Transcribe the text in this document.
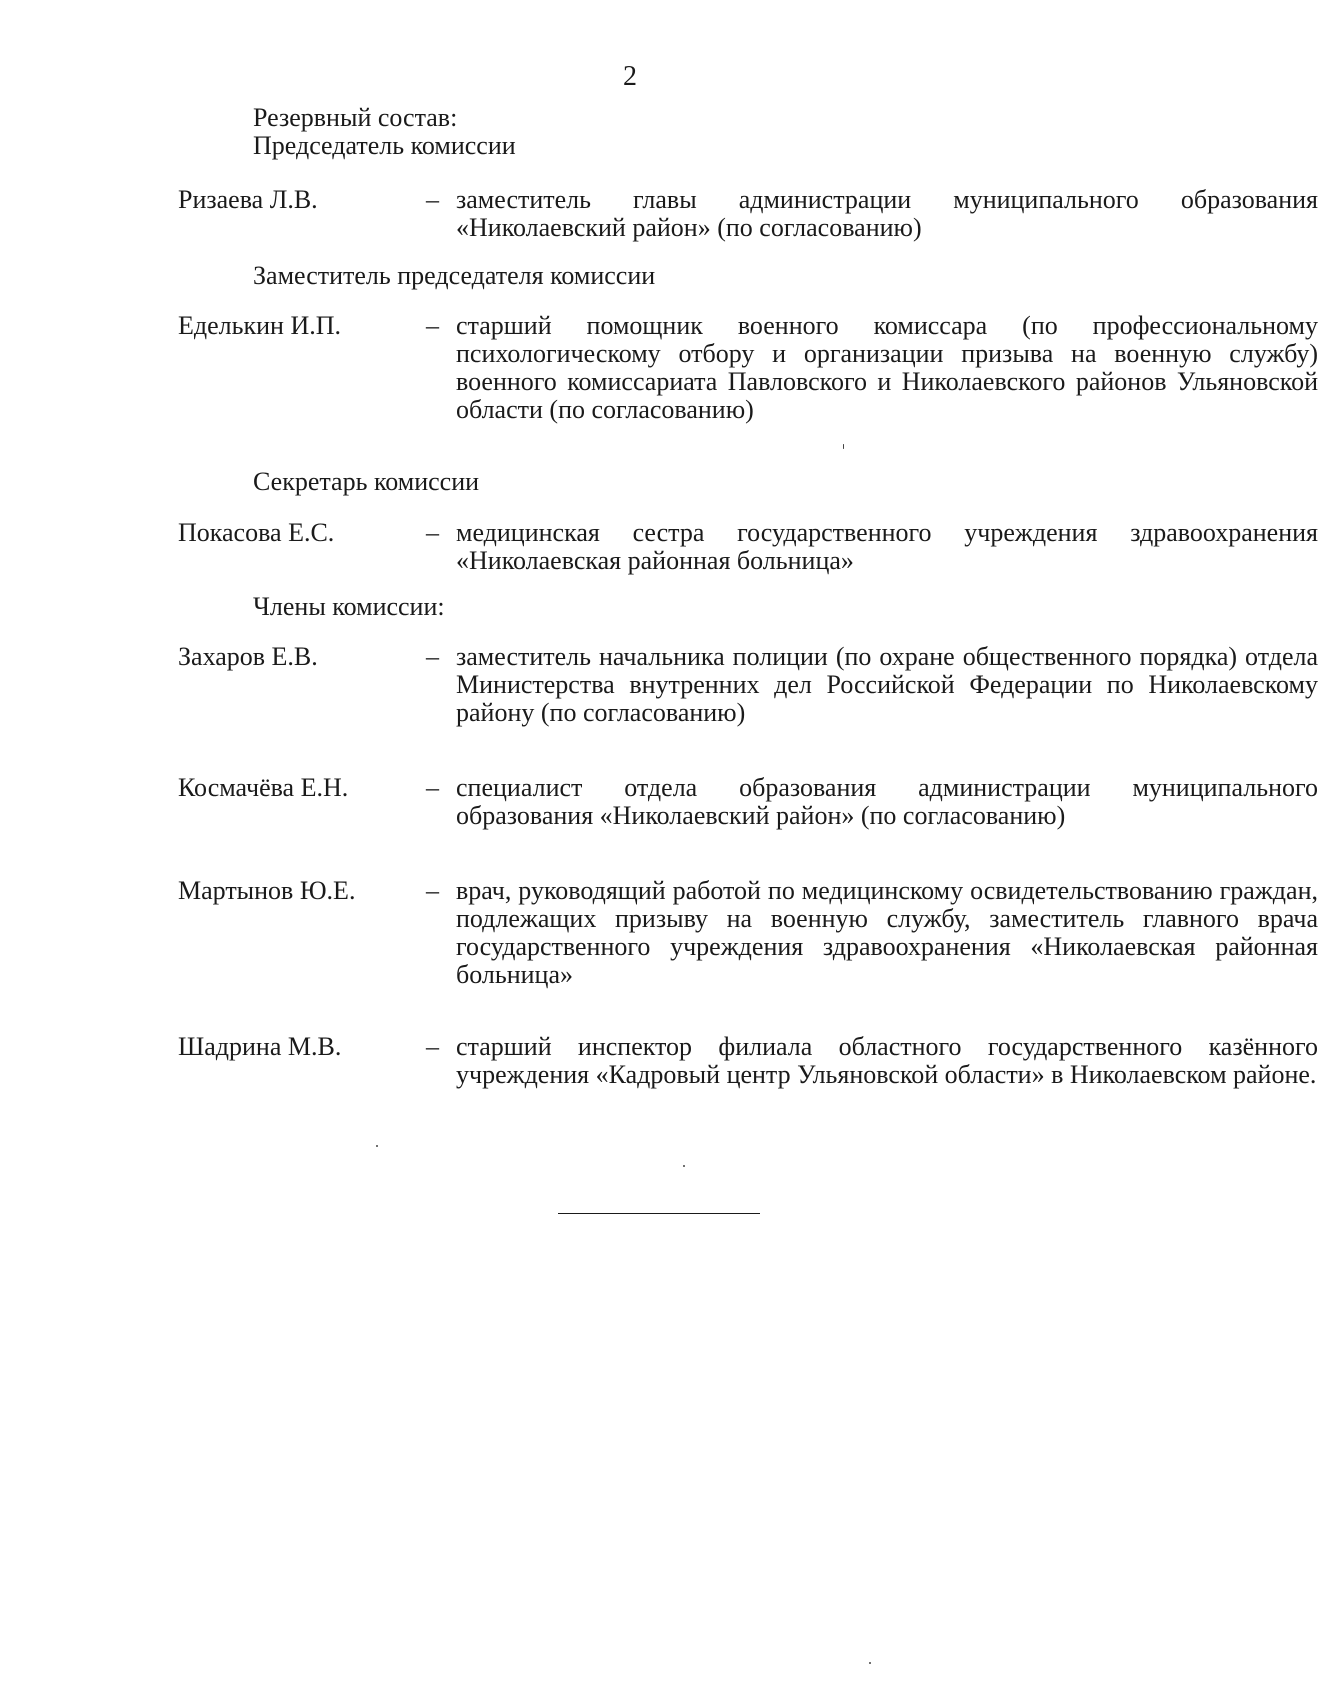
2
Резервный состав:
Председатель комиссии
Ризаева Л.В.	– заместитель главы администрации муниципального образования «Николаевский район» (по согласованию)
Заместитель председателя комиссии
Еделькин И.П.	– старший помощник военного комиссара (по профессиональному психологическому отбору и организации призыва на военную службу) военного комиссариата Павловского и Николаевского районов Ульяновской области (по согласованию)
Секретарь комиссии
Покасова Е.С.	– медицинская сестра государственного учреждения здравоохранения «Николаевская районная больница»
Члены комиссии:
Захаров Е.В.	– заместитель начальника полиции (по охране общественного порядка) отдела Министерства внутренних дел Российской Федерации по Николаевскому району (по согласованию)
Космачёва Е.Н.	– специалист отдела образования администрации муниципального образования «Николаевский район» (по согласованию)
Мартынов Ю.Е.	– врач, руководящий работой по медицинскому освидетельствованию граждан, подлежащих призыву на военную службу, заместитель главного врача государственного учреждения здравоохранения «Николаевская районная больница»
Шадрина М.В.	– старший инспектор филиала областного государственного казённого учреждения «Кадровый центр Ульяновской области» в Николаевском районе.
